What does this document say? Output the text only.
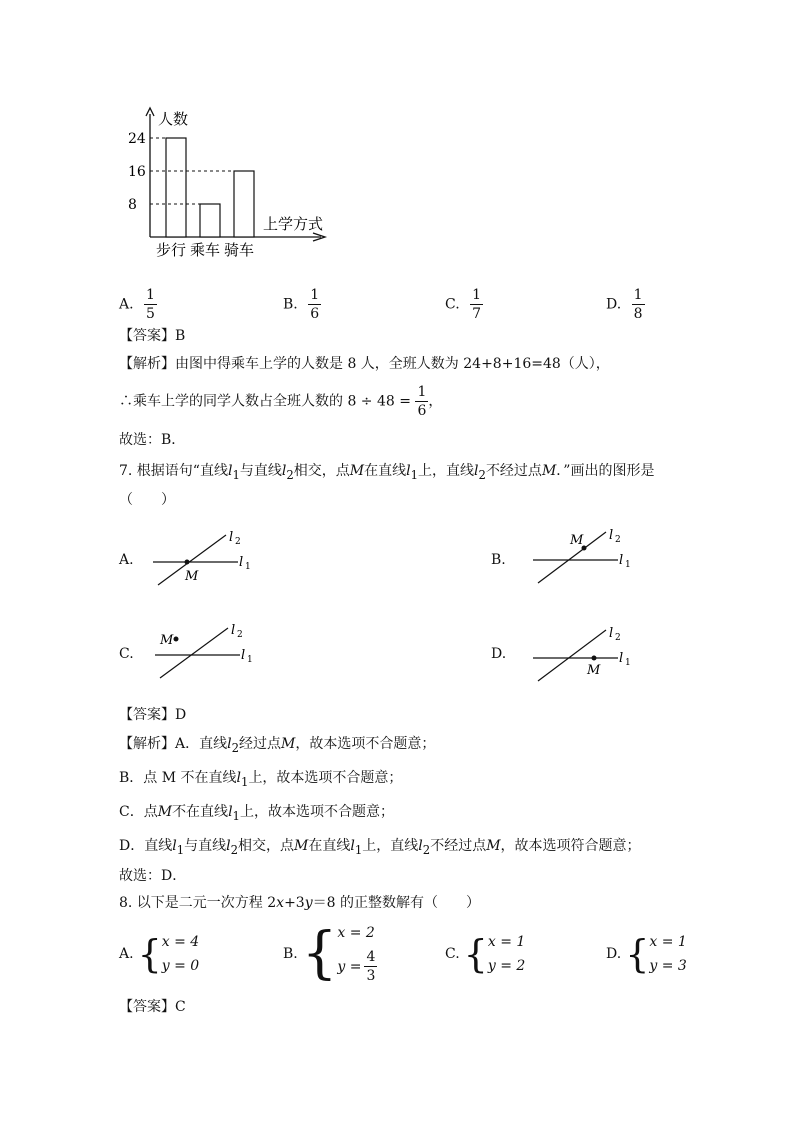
人数
上学方式
步行 乘车 骑车
24
16
8
A. $\frac{1}{5}$	B. $\frac{1}{6}$	C. $\frac{1}{7}$	D. $\frac{1}{8}$
【答案】B
【解析】由图中得乘车上学的人数是 8 人，全班人数为 24+8+16=48（人），
∴乘车上学的同学人数占全班人数的 $8 \div 48 = \frac{1}{6}$ ，
故选：B．
7. 根据语句“直线$l_1$与直线$l_2$相交，点M在直线$l_1$上，直线$l_2$不经过点M．”画出的图形是
（　　）
A.
l 2
l 1
M
B.
l 2
l 1
M
C.
l 2
l 1
M
D.
l 2
l 1
M
【答案】D
【解析】A．直线$l_2$经过点M，故本选项不合题意；
B．点 M 不在直线$l_1$上，故本选项不合题意；
C．点M不在直线$l_1$上，故本选项不合题意；
D．直线$l_1$与直线$l_2$相交，点M在直线$l_1$上，直线$l_2$不经过点M，故本选项符合题意；
故选：D．
8. 以下是二元一次方程 2x+3y＝8 的正整数解有（　　）
A. { x = 4
y = 0
B. { x = 2
$y = \frac{4}{3}$	C. { x = 1
y = 2
D. { x = 1
y = 3
【答案】C
